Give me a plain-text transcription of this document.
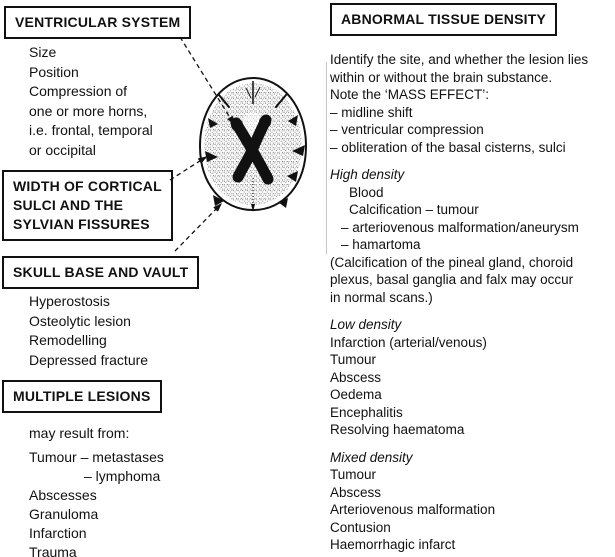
VENTRICULAR SYSTEM
Size
Position
Compression of
one or more horns,
i.e. frontal, temporal
or occipital
WIDTH OF CORTICAL
SULCI AND THE
SYLVIAN FISSURES
SKULL BASE AND VAULT
Hyperostosis
Osteolytic lesion
Remodelling
Depressed fracture
MULTIPLE LESIONS
may result from:
Tumour – metastases
– lymphoma
Abscesses
Granuloma
Infarction
Trauma
ABNORMAL TISSUE DENSITY
Identify the site, and whether the lesion lies
within or without the brain substance.
Note the ‘MASS EFFECT’:
– midline shift
– ventricular compression
– obliteration of the basal cisterns, sulci
High density
Blood
Calcification – tumour
– arteriovenous malformation/aneurysm
– hamartoma
(Calcification of the pineal gland, choroid
plexus, basal ganglia and falx may occur
in normal scans.)
Low density
Infarction (arterial/venous)
Tumour
Abscess
Oedema
Encephalitis
Resolving haematoma
Mixed density
Tumour
Abscess
Arteriovenous malformation
Contusion
Haemorrhagic infarct
